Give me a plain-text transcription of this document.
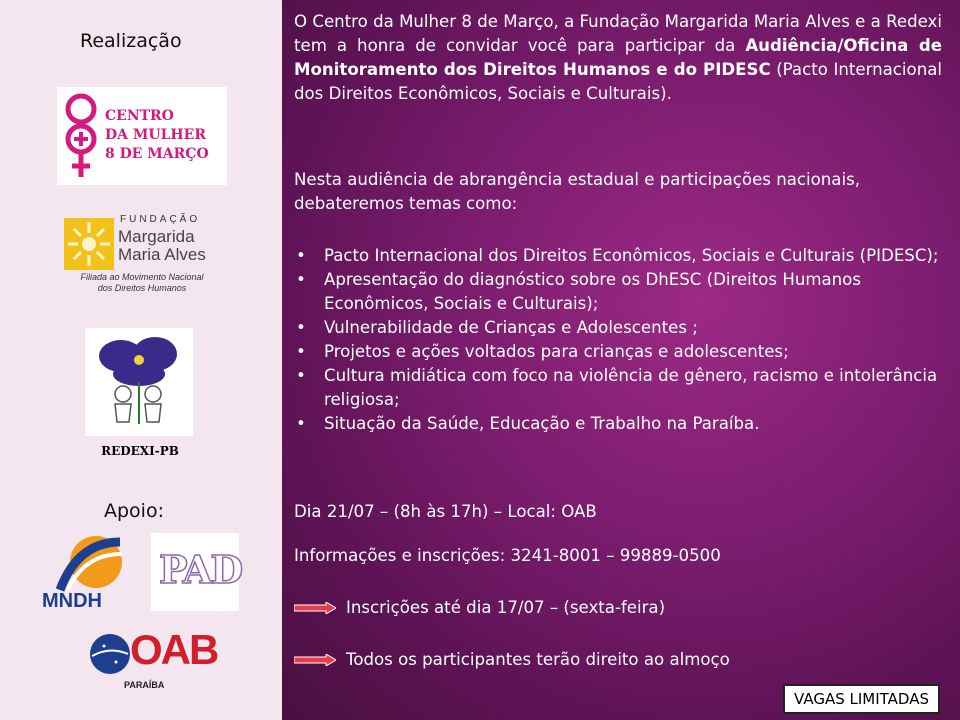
Realização
CENTRO
DA MULHER
8 DE MARÇO
FUNDAÇÃO
Margarida
Maria Alves
Filiada ao Movimento Nacional
dos Direitos Humanos
REDEXI-PB
Apoio:
MNDH
PAD
OAB
PARAÍBA
O Centro da Mulher 8 de Março, a Fundação Margarida Maria Alves e a Redexi tem a honra de convidar você para participar da Audiência/Oficina de Monitoramento dos Direitos Humanos e do PIDESC (Pacto Internacional dos Direitos Econômicos, Sociais e Culturais).
Nesta audiência de abrangência estadual e participações nacionais, debateremos temas como:
• Pacto Internacional dos Direitos Econômicos, Sociais e Culturais (PIDESC);
• Apresentação do diagnóstico sobre os DhESC (Direitos Humanos Econômicos, Sociais e Culturais);
• Vulnerabilidade de Crianças e Adolescentes ;
• Projetos e ações voltados para crianças e adolescentes;
• Cultura midiática com foco na violência de gênero, racismo e intolerância religiosa;
• Situação da Saúde, Educação e Trabalho na Paraíba.
Dia 21/07 – (8h às 17h) – Local: OAB
Informações e inscrições: 3241-8001 – 99889-0500
Inscrições até dia 17/07 – (sexta-feira)
Todos os participantes terão direito ao almoço
VAGAS LIMITADAS
